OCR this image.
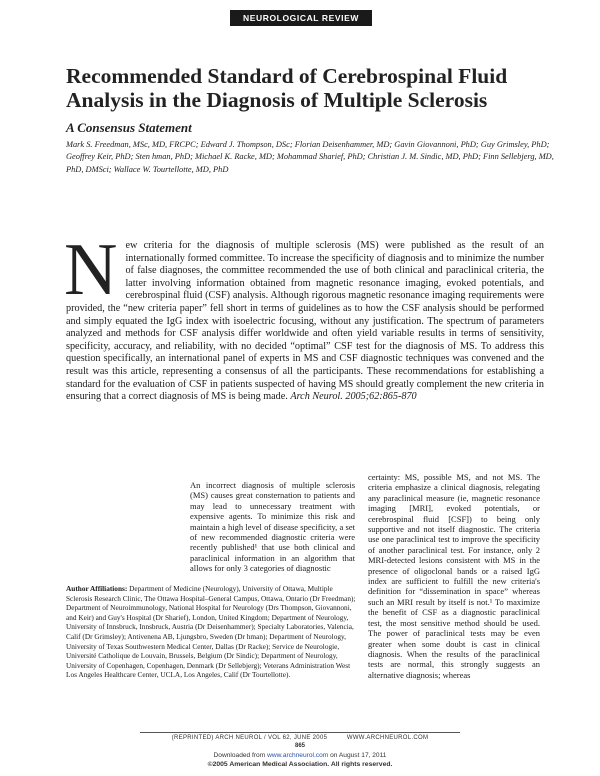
NEUROLOGICAL REVIEW
Recommended Standard of Cerebrospinal Fluid Analysis in the Diagnosis of Multiple Sclerosis
A Consensus Statement
Mark S. Freedman, MSc, MD, FRCPC; Edward J. Thompson, DSc; Florian Deisenhammer, MD; Gavin Giovannoni, PhD; Guy Grimsley, PhD; Geoffrey Keir, PhD; Sten hman, PhD; Michael K. Racke, MD; Mohammad Sharief, PhD; Christian J. M. Sindic, MD, PhD; Finn Sellebjerg, MD, PhD, DMSci; Wallace W. Tourtellotte, MD, PhD
N ew criteria for the diagnosis of multiple sclerosis (MS) were published as the result of an internationally formed committee. To increase the specificity of diagnosis and to minimize the number of false diagnoses, the committee recommended the use of both clinical and paraclinical criteria, the latter involving information obtained from magnetic resonance imaging, evoked potentials, and cerebrospinal fluid (CSF) analysis. Although rigorous magnetic resonance imaging requirements were provided, the “new criteria paper” fell short in terms of guidelines as to how the CSF analysis should be performed and simply equated the IgG index with isoelectric focusing, without any justification. The spectrum of parameters analyzed and methods for CSF analysis differ worldwide and often yield variable results in terms of sensitivity, specificity, accuracy, and reliability, with no decided “optimal” CSF test for the diagnosis of MS. To address this question specifically, an international panel of experts in MS and CSF diagnostic techniques was convened and the result was this article, representing a consensus of all the participants. These recommendations for establishing a standard for the evaluation of CSF in patients suspected of having MS should greatly complement the new criteria in ensuring that a correct diagnosis of MS is being made. Arch Neurol. 2005;62:865-870
An incorrect diagnosis of multiple sclerosis (MS) causes great consternation to patients and may lead to unnecessary treatment with expensive agents. To minimize this risk and maintain a high level of disease specificity, a set of new recommended diagnostic criteria were recently published¹ that use both clinical and paraclinical information in an algorithm that allows for only 3 categories of diagnostic
certainty: MS, possible MS, and not MS. The criteria emphasize a clinical diagnosis, relegating any paraclinical measure (ie, magnetic resonance imaging [MRI], evoked potentials, or cerebrospinal fluid [CSF]) to being only supportive and not itself diagnostic. The criteria use one paraclinical test to improve the specificity of another paraclinical test. For instance, only 2 MRI-detected lesions consistent with MS in the presence of oligoclonal bands or a raised IgG index are sufficient to fulfill the new criteria's definition for “dissemination in space” whereas such an MRI result by itself is not.¹ To maximize the benefit of CSF as a diagnostic paraclinical test, the most sensitive method should be used. The power of paraclinical tests may be even greater when some doubt is cast in clinical diagnosis. When the results of the paraclinical tests are normal, this strongly suggests an alternative diagnosis; whereas
Author Affiliations: Department of Medicine (Neurology), University of Ottawa, Multiple Sclerosis Research Clinic, The Ottawa Hospital–General Campus, Ottawa, Ontario (Dr Freedman); Department of Neuroimmunology, National Hospital for Neurology (Drs Thompson, Giovannoni, and Keir) and Guy's Hospital (Dr Sharief), London, United Kingdom; Department of Neurology, University of Innsbruck, Innsbruck, Austria (Dr Deisenhammer); Specialty Laboratories, Valencia, Calif (Dr Grimsley); Antivenena AB, Ljungsbro, Sweden (Dr hman); Department of Neurology, University of Texas Southwestern Medical Center, Dallas (Dr Racke); Service de Neurologie, Université Catholique de Louvain, Brussels, Belgium (Dr Sindic); Department of Neurology, University of Copenhagen, Copenhagen, Denmark (Dr Sellebjerg); Veterans Administration West Los Angeles Healthcare Center, UCLA, Los Angeles, Calif (Dr Tourtellotte).
(REPRINTED) ARCH NEUROL / VOL 62, JUNE 2005          WWW.ARCHNEUROL.COM
865
Downloaded from www.archneurol.com on August 17, 2011
©2005 American Medical Association. All rights reserved.
